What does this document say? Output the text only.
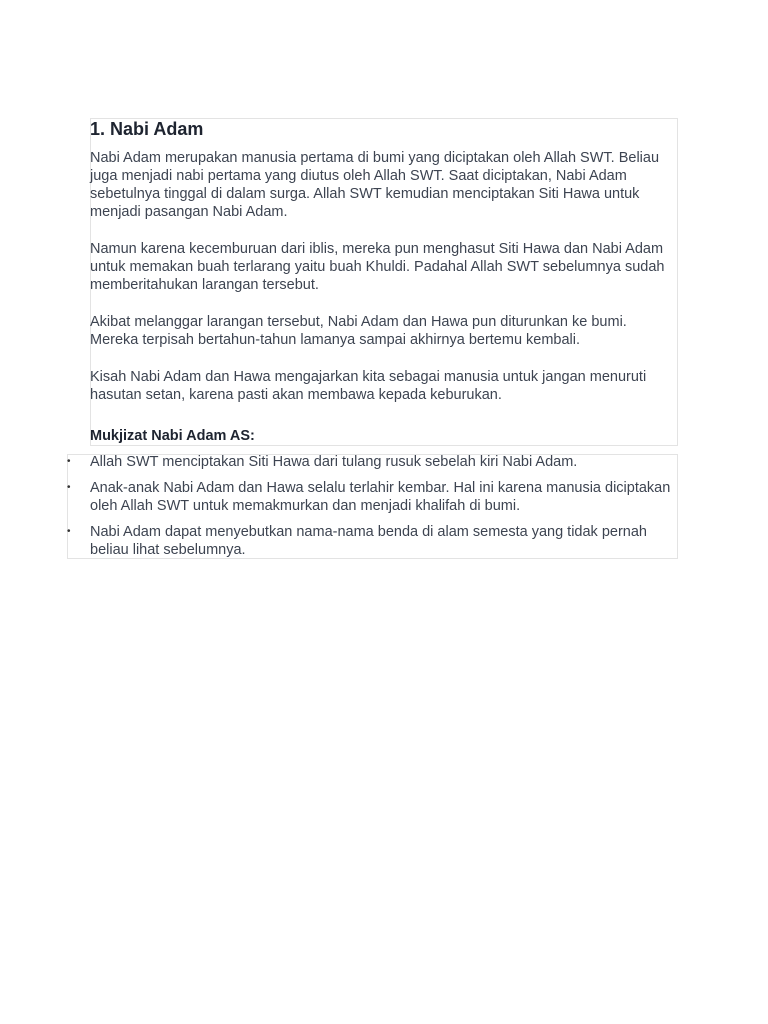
1. Nabi Adam

Nabi Adam merupakan manusia pertama di bumi yang diciptakan oleh Allah SWT. Beliau juga menjadi nabi pertama yang diutus oleh Allah SWT. Saat diciptakan, Nabi Adam sebetulnya tinggal di dalam surga. Allah SWT kemudian menciptakan Siti Hawa untuk menjadi pasangan Nabi Adam.

Namun karena kecemburuan dari iblis, mereka pun menghasut Siti Hawa dan Nabi Adam untuk memakan buah terlarang yaitu buah Khuldi. Padahal Allah SWT sebelumnya sudah memberitahukan larangan tersebut.

Akibat melanggar larangan tersebut, Nabi Adam dan Hawa pun diturunkan ke bumi. Mereka terpisah bertahun-tahun lamanya sampai akhirnya bertemu kembali.

Kisah Nabi Adam dan Hawa mengajarkan kita sebagai manusia untuk jangan menuruti hasutan setan, karena pasti akan membawa kepada keburukan.

Mukjizat Nabi Adam AS:

• Allah SWT menciptakan Siti Hawa dari tulang rusuk sebelah kiri Nabi Adam.
• Anak-anak Nabi Adam dan Hawa selalu terlahir kembar. Hal ini karena manusia diciptakan oleh Allah SWT untuk memakmurkan dan menjadi khalifah di bumi.
• Nabi Adam dapat menyebutkan nama-nama benda di alam semesta yang tidak pernah beliau lihat sebelumnya.
